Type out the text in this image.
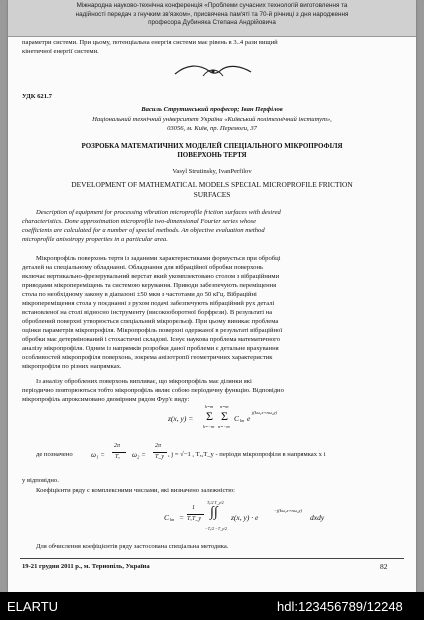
Міжнародна науково-технічна конференція «Проблеми сучасних технологій виготовлення та
надійності передач з гнучким зв'язком», присвячена пам'яті та 70-й річниці з дня народження
професора Дубиняка Степана Андрійовича
параметри системи. При цьому, потенціальна енергія системи має рівень в 3..4 рази вищий
кінетичної енергії системи.
УДК 621.7
Василь Струтинський професор; Іван Перфілов
Національний технічний університет України «Київський політехнічний інститут»,
03056, м. Київ, пр. Перемоги, 37
РОЗРОБКА МАТЕМАТИЧНИХ МОДЕЛЕЙ СПЕЦІАЛЬНОГО МІКРОПРОФІЛЯ
ПОВЕРХОНЬ ТЕРТЯ
Vasyl Strutinsky, IvanPerfilov
DEVELOPMENT OF MATHEMATICAL MODELS SPECIAL MICROPROFILE FRICTION
SURFACES
Description of equipment for processing vibration microprofile friction surfaces with desired
characteristics. Done approximation microprofile two-dimensional Fourier series whose
coefficients are calculated for a number of special methods. An objective evaluation method
microprofile anisotropy properties in a particular area.
Мікропрофіль поверхонь тертя із заданими характеристиками формується при обробці
деталей на спеціальному обладнанні. Обладнання для вібраційної обробки поверхонь
включає вертикально-фрезерувальний верстат який укомплектовано столом з вібраційними
приводами мікропереміщень та системою керування. Приводи забезпечують переміщення
стола по необхідному закону в діапазоні ±50 мкм з частотами до 50 кГц. Вібраційні
мікропереміщення стола у поєднанні з рухом подачі забезпечують вібраційний рух деталі
встановленої на столі відносно інструменту (високооборотної борфрези). В результаті на
оброблений поверхні утворюється спеціальний мікрорельєф. При цьому виникає проблема
оцінки параметрів мікропрофіля. Мікропрофіль поверхні одержаної в результаті вібраційної
обробки має детермінований і стохастичні складові. Існує наукова проблема математичного
аналізу мікропрофіля. Одним із напрямків розробки даної проблеми є детальне врахування
особливостей мікропрофіля поверхонь, зокрема анізотропії геометричних характеристик
мікропрофіля по різних напрямках.
Із аналізу оброблених поверхонь випливає, що мікропрофіль має ділянки які
періодично повторюються тобто мікропрофіль являє собою періодичну функцію. Відповідно
мікропрофіль апроксимовано двомірним рядом Фур'є виду:
z(x, y) =
k=m
Σ
k=−m
n=m
Σ
n=−m
C kn e
j(kω₁x+nω₂y)
де позначено	ω₁ =
2π
Tₓ ω₂ =
2π
T_y , j = √−1 , Tₓ,T_y - періоди мікропрофіля в напрямках x і
y відповідно.
Коефіцієнти ряду с комплексними числами, які визначено залежністю:
C kn =
1
TₓT_y
Tₓ/2 T_y/2
∫∫
−Tₓ/2 −T_y/2
z(x, y) · e
−j(kω₁x+nω₂y)
dxdy
Для обчислення коефіцієнтів ряду застосована спеціальна методика.
19-21 грудня 2011 р., м. Тернопіль, Україна	82
ELARTU	hdl:123456789/12248
